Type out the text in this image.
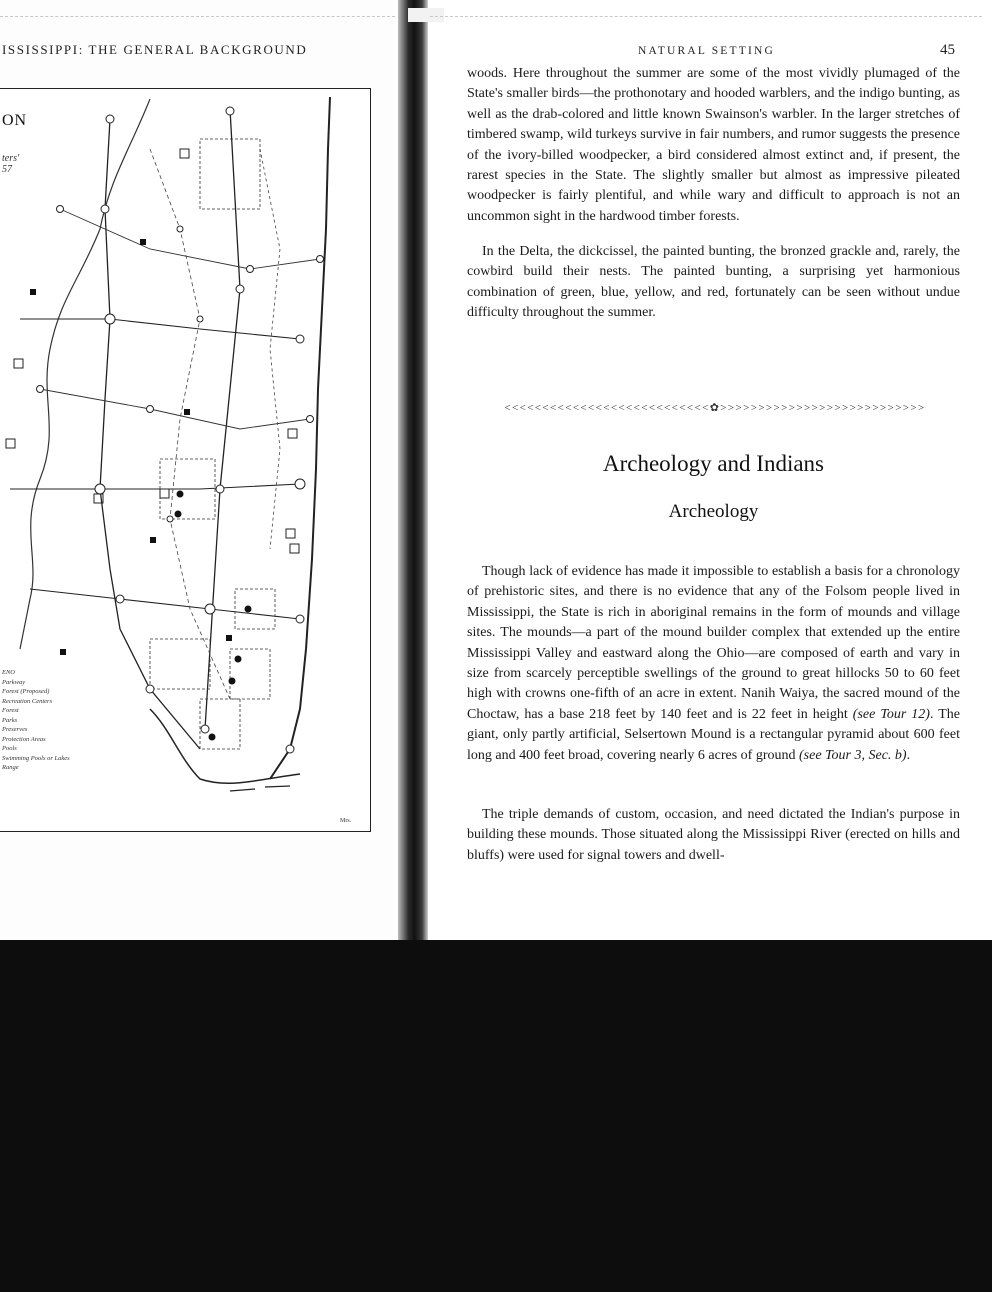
ISSISSIPPI: THE GENERAL BACKGROUND
ON
ters'
57
ENO
Parkway
Forest (Proposed)
Recreation Centers
Forest
Parks
Preserves
Protection Areas
Pools
Swimming Pools or Lakes
Range
Mrs.
NATURAL SETTING	45
woods. Here throughout the summer are some of the most vividly plumaged of the State's smaller birds—the prothonotary and hooded warblers, and the indigo bunting, as well as the drab-colored and little known Swainson's warbler. In the larger stretches of timbered swamp, wild turkeys survive in fair numbers, and rumor suggests the presence of the ivory-billed woodpecker, a bird considered almost extinct and, if present, the rarest species in the State. The slightly smaller but almost as impressive pileated woodpecker is fairly plentiful, and while wary and difficult to approach is not an uncommon sight in the hardwood timber forests.
In the Delta, the dickcissel, the painted bunting, the bronzed grackle and, rarely, the cowbird build their nests. The painted bunting, a surprising yet harmonious combination of green, blue, yellow, and red, fortunately can be seen without undue difficulty throughout the summer.
<<<<<<<<<<<<<<<<<<<<<<<<<<<✿>>>>>>>>>>>>>>>>>>>>>>>>>>>
Archeology and Indians
Archeology
Though lack of evidence has made it impossible to establish a basis for a chronology of prehistoric sites, and there is no evidence that any of the Folsom people lived in Mississippi, the State is rich in aboriginal remains in the form of mounds and village sites. The mounds—a part of the mound builder complex that extended up the entire Mississippi Valley and eastward along the Ohio—are composed of earth and vary in size from scarcely perceptible swellings of the ground to great hillocks 50 to 60 feet high with crowns one-fifth of an acre in extent. Nanih Waiya, the sacred mound of the Choctaw, has a base 218 feet by 140 feet and is 22 feet in height (see Tour 12). The giant, only partly artificial, Selsertown Mound is a rectangular pyramid about 600 feet long and 400 feet broad, covering nearly 6 acres of ground (see Tour 3, Sec. b).
The triple demands of custom, occasion, and need dictated the Indian's purpose in building these mounds. Those situated along the Mississippi River (erected on hills and bluffs) were used for signal towers and dwell-
